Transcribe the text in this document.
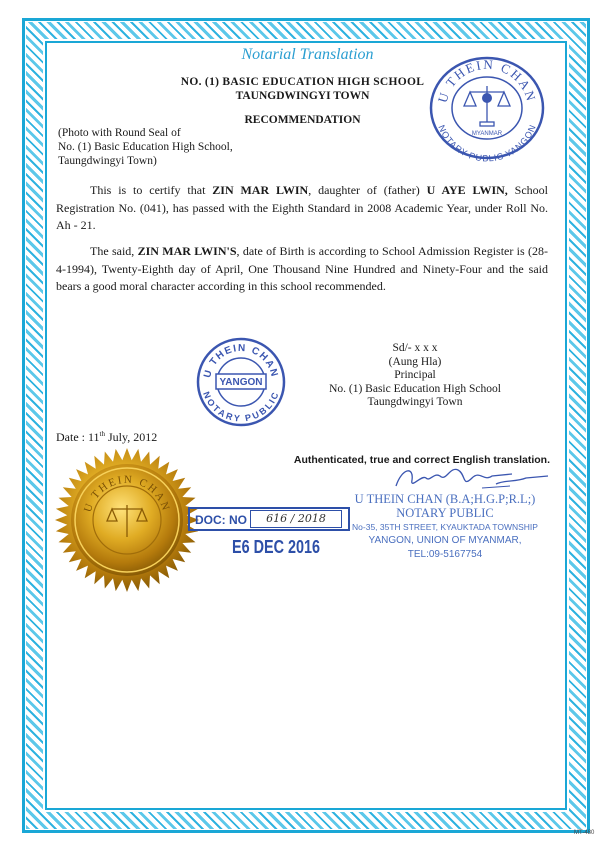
Notarial Translation

NO. (1) BASIC EDUCATION HIGH SCHOOL

TAUNGDWINGYI TOWN

RECOMMENDATION

(Photo with Round Seal of
No. (1) Basic Education High School,
Taungdwingyi Town)

This is to certify that ZIN MAR LWIN, daughter of (father) U AYE LWIN, School Registration No. (041), has passed with the Eighth Standard in 2008 Academic Year, under Roll No. Ah - 21.

The said, ZIN MAR LWIN'S, date of Birth is according to School Admission Register is (28-4-1994), Twenty-Eighth day of April, One Thousand Nine Hundred and Ninety-Four and the said bears a good moral character according in this school recommended.

U THEIN CHAN
NOTARY PUBLIC
YANGON
U THEIN CHAN
NOTARY PUBLIC YANGON
MYANMAR
Sd/- x x x
(Aung Hla)
Principal
No. (1) Basic Education High School
Taungdwingyi Town

Date : 11th July, 2012

Authenticated, true and correct English translation.

U THEIN CHAN
DOC: NO	616 / 2018

E6 DEC 2016

U THEIN CHAN (B.A;H.G.P;R.L;)
NOTARY PUBLIC
No-35, 35TH STREET, KYAUKTADA TOWNSHIP
YANGON, UNION OF MYANMAR,
TEL:09-5167754

MT-480
